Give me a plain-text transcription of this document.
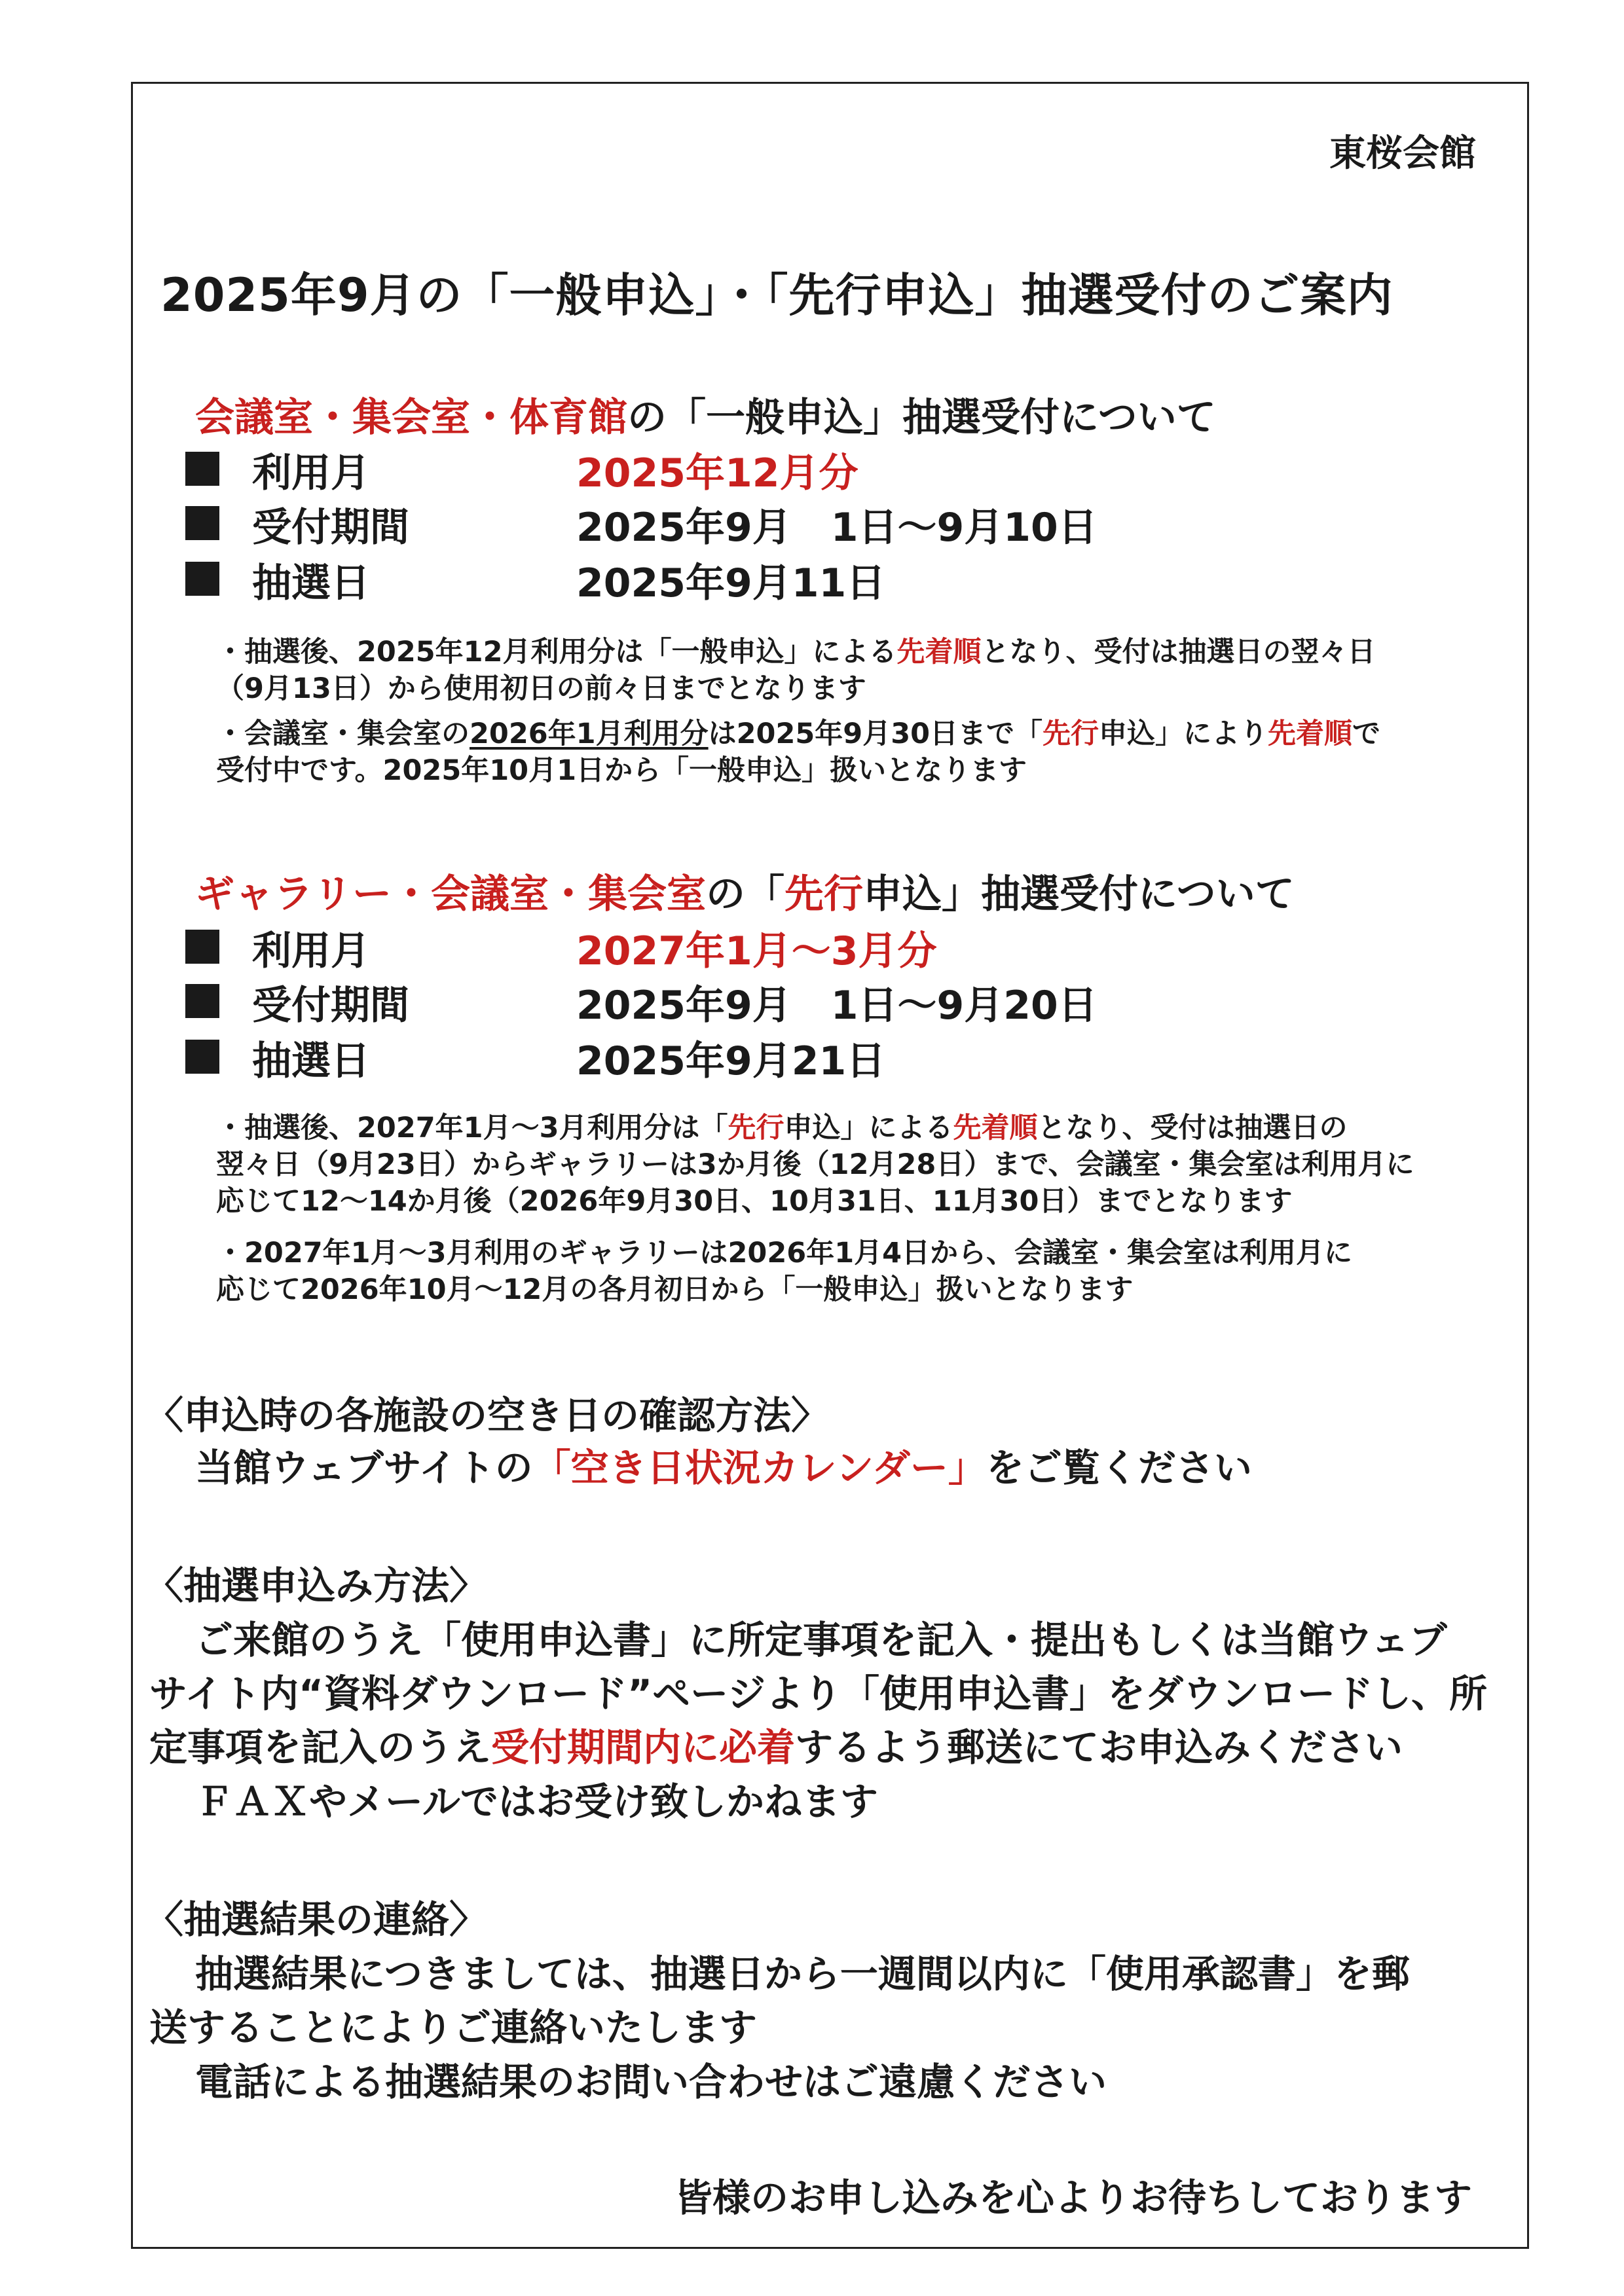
東桜会館
2025年9月の「一般申込」・「先行申込」抽選受付のご案内
会議室・集会室・体育館の「一般申込」抽選受付について
利用月	2025年12月分
受付期間	2025年9月　1日～9月10日
抽選日	2025年9月11日
・抽選後、2025年12月利用分は「一般申込」による先着順となり、受付は抽選日の翌々日
（9月13日）から使用初日の前々日までとなります
・会議室・集会室の2026年1月利用分は2025年9月30日まで「先行申込」により先着順で
受付中です。2025年10月1日から「一般申込」扱いとなります
ギャラリー・会議室・集会室の「先行申込」抽選受付について
利用月	2027年1月～3月分
受付期間	2025年9月　1日～9月20日
抽選日	2025年9月21日
・抽選後、2027年1月～3月利用分は「先行申込」による先着順となり、受付は抽選日の
翌々日（9月23日）からギャラリーは3か月後（12月28日）まで、会議室・集会室は利用月に
応じて12～14か月後（2026年9月30日、10月31日、11月30日）までとなります
・2027年1月～3月利用のギャラリーは2026年1月4日から、会議室・集会室は利用月に
応じて2026年10月～12月の各月初日から「一般申込」扱いとなります
〈申込時の各施設の空き日の確認方法〉
当館ウェブサイトの「空き日状況カレンダー」をご覧ください
〈抽選申込み方法〉
ご来館のうえ「使用申込書」に所定事項を記入・提出もしくは当館ウェブ
サイト内“資料ダウンロード”ページより「使用申込書」をダウンロードし、所
定事項を記入のうえ受付期間内に必着するよう郵送にてお申込みください
ＦＡＸやメールではお受け致しかねます
〈抽選結果の連絡〉
抽選結果につきましては、抽選日から一週間以内に「使用承認書」を郵
送することによりご連絡いたします
電話による抽選結果のお問い合わせはご遠慮ください
皆様のお申し込みを心よりお待ちしております
